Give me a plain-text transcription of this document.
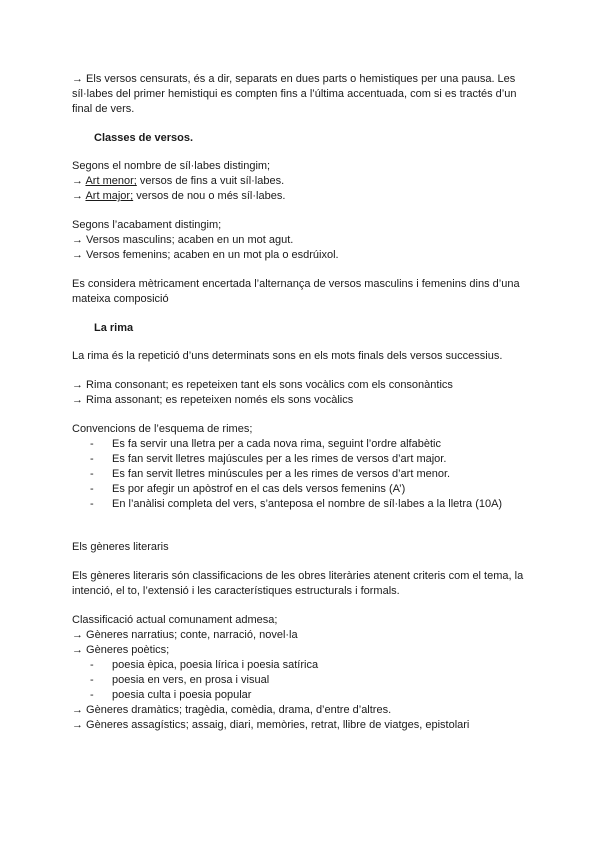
→ Els versos censurats, és a dir, separats en dues parts o hemistiques per una pausa. Les
síl·labes del primer hemistiqui es compten fins a l’última accentuada, com si es tractés d’un
final de vers.
Classes de versos.
Segons el nombre de síl·labes distingim;
→ Art menor; versos de fins a vuit síl·labes.
→ Art major; versos de nou o més síl·labes.
Segons l’acabament distingim;
→ Versos masculins; acaben en un mot agut.
→ Versos femenins; acaben en un mot pla o esdrúixol.
Es considera mètricament encertada l’alternança de versos masculins i femenins dins d’una
mateixa composició
La rima
La rima és la repetició d’uns determinats sons en els mots finals dels versos successius.
→ Rima consonant; es repeteixen tant els sons vocàlics com els consonàntics
→ Rima assonant; es repeteixen només els sons vocàlics
Convencions de l’esquema de rimes;
- Es fa servir una lletra per a cada nova rima, seguint l’ordre alfabètic
- Es fan servit lletres majúscules per a les rimes de versos d’art major.
- Es fan servit lletres minúscules per a les rimes de versos d’art menor.
- Es por afegir un apòstrof en el cas dels versos femenins (A’)
- En l’anàlisi completa del vers, s’anteposa el nombre de síl·labes a la lletra (10A)
Els gèneres literaris
Els gèneres literaris són classificacions de les obres literàries atenent criteris com el tema, la
intenció, el to, l’extensió i les característiques estructurals i formals.
Classificació actual comunament admesa;
→ Gèneres narratius; conte, narració, novel·la
→ Gèneres poètics;
- poesia èpica, poesia lírica i poesia satírica
- poesia en vers, en prosa i visual
- poesia culta i poesia popular
→ Gèneres dramàtics; tragèdia, comèdia, drama, d’entre d’altres.
→ Gèneres assagístics; assaig, diari, memòries, retrat, llibre de viatges, epistolari
